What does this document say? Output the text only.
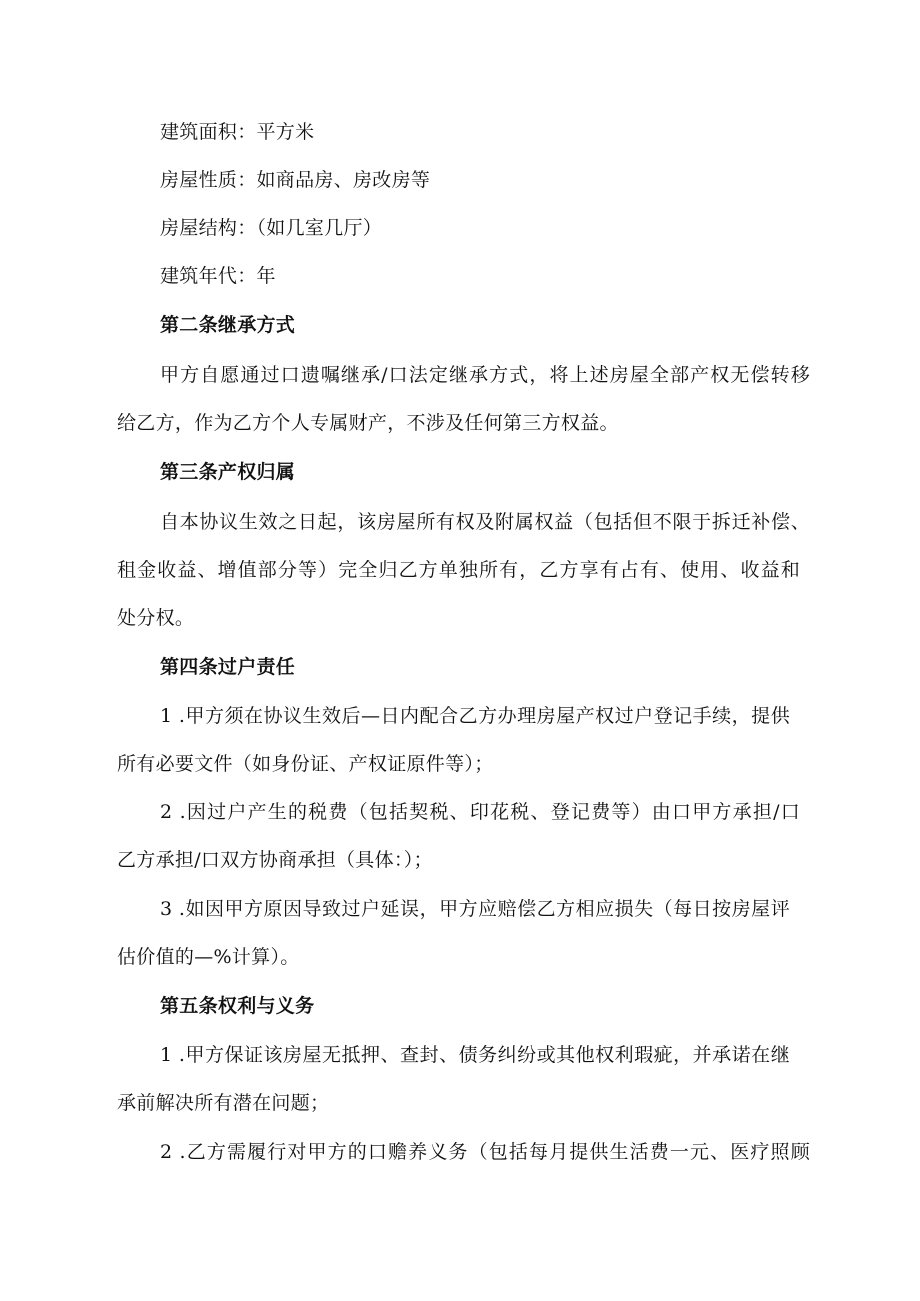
建筑面积：平方米
房屋性质：如商品房、房改房等
房屋结构：（如几室几厅）
建筑年代：年
第二条继承方式
甲方自愿通过口遗嘱继承/口法定继承方式，将上述房屋全部产权无偿转移
给乙方，作为乙方个人专属财产，不涉及任何第三方权益。
第三条产权归属
自本协议生效之日起，该房屋所有权及附属权益（包括但不限于拆迁补偿、
租金收益、增值部分等）完全归乙方单独所有，乙方享有占有、使用、收益和
处分权。
第四条过户责任
1 .甲方须在协议生效后—日内配合乙方办理房屋产权过户登记手续，提供
所有必要文件（如身份证、产权证原件等）；
2 .因过户产生的税费（包括契税、印花税、登记费等）由口甲方承担/口
乙方承担/口双方协商承担（具体：）；
3 .如因甲方原因导致过户延误，甲方应赔偿乙方相应损失（每日按房屋评
估价值的—%计算）。
第五条权利与义务
1 .甲方保证该房屋无抵押、查封、债务纠纷或其他权利瑕疵，并承诺在继
承前解决所有潜在问题；
2 .乙方需履行对甲方的口赡养义务（包括每月提供生活费一元、医疗照顾
